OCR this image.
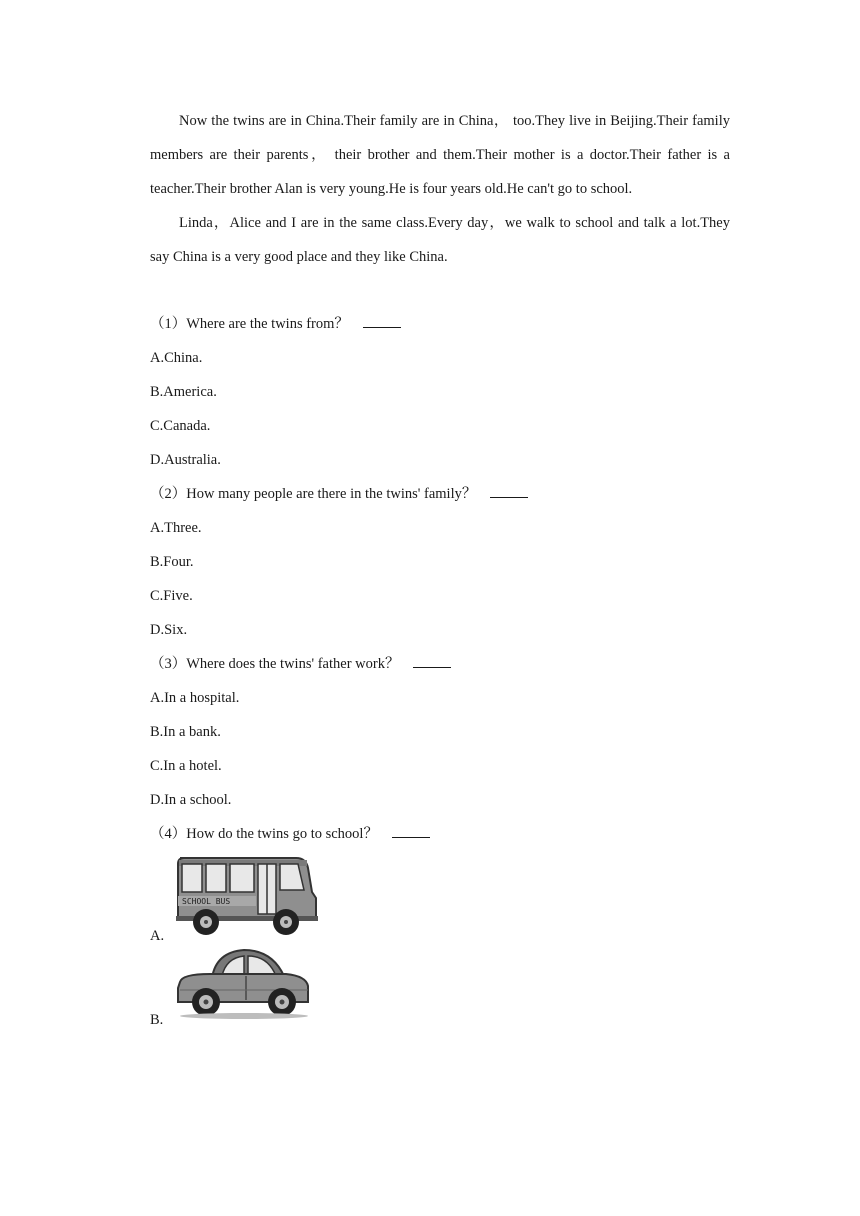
Now the twins are in China.Their family are in China， too.They live in Beijing.Their family members are their parents， their brother and them.Their mother is a doctor.Their father is a teacher.Their brother Alan is very young.He is four years old.He can't go to school.

Linda，Alice and I are in the same class.Every day，we walk to school and talk a lot.They say China is a very good place and they like China.

（1）Where are the twins from？
A.China.
B.America.
C.Canada.
D.Australia.
（2）How many people are there in the twins' family？
A.Three.
B.Four.
C.Five.
D.Six.
（3）Where does the twins' father work？
A.In a hospital.
B.In a bank.
C.In a hotel.
D.In a school.
（4）How do the twins go to school？
A.
SCHOOL BUS
B.
